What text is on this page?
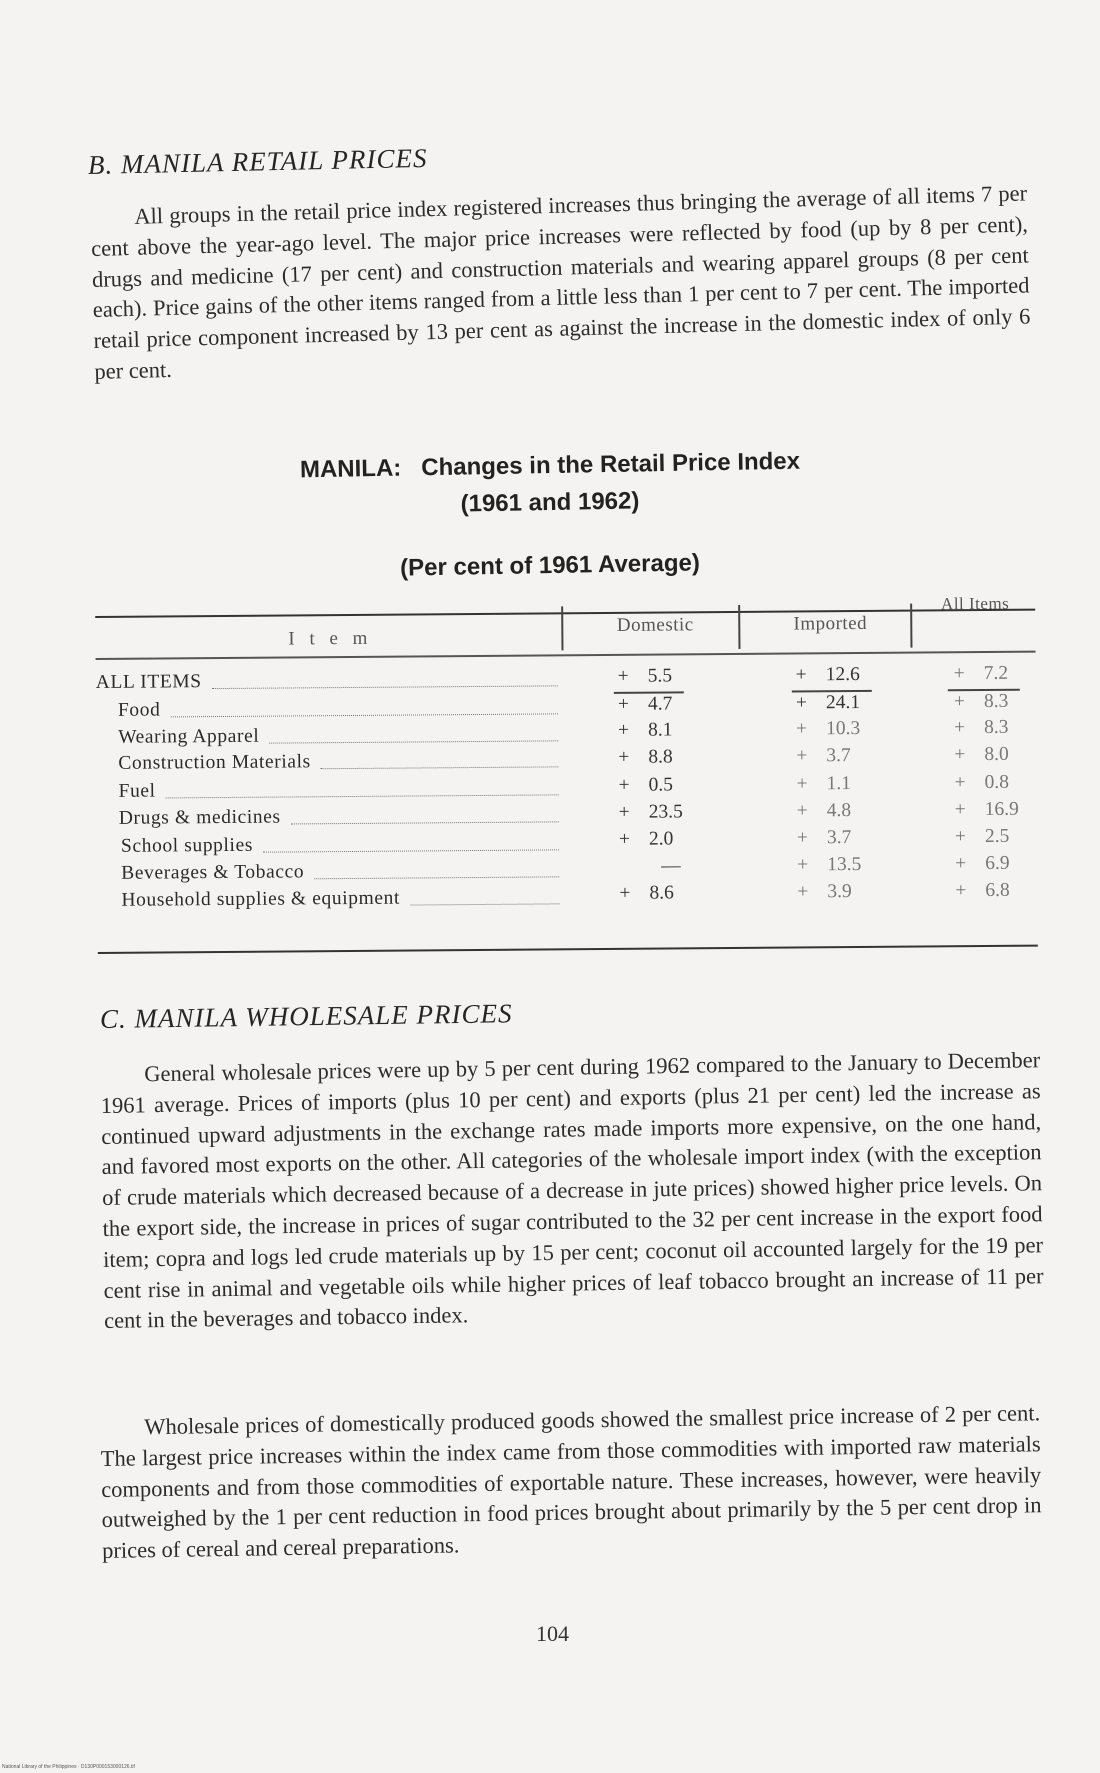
B. MANILA RETAIL PRICES

All groups in the retail price index registered increases thus bringing the average of all items 7 per cent above the year-ago level. The major price increases were reflected by food (up by 8 per cent), drugs and medicine (17 per cent) and construction materials and wearing apparel groups (8 per cent each). Price gains of the other items ranged from a little less than 1 per cent to 7 per cent. The imported retail price component increased by 13 per cent as against the increase in the domestic index of only 6 per cent.

MANILA: Changes in the Retail Price Index
(1961 and 1962)
(Per cent of 1961 Average)
I t e m
Domestic	Imported
All Items
ALL ITEMS	+ 5.5	+ 12.6	+ 7.2
Food	+ 4.7	+ 24.1	+ 8.3
Wearing Apparel	+ 8.1	+ 10.3	+ 8.3
Construction Materials	+ 8.8	+ 3.7	+ 8.0
Fuel	+ 0.5	+ 1.1	+ 0.8
Drugs & medicines	+ 23.5	+ 4.8	+ 16.9
School supplies	+ 2.0	+ 3.7	+ 2.5
Beverages & Tobacco	—	+ 13.5	+ 6.9
Household supplies & equipment	+ 8.6	+ 3.9	+ 6.8
C. MANILA WHOLESALE PRICES

General wholesale prices were up by 5 per cent during 1962 compared to the January to December 1961 average. Prices of imports (plus 10 per cent) and exports (plus 21 per cent) led the increase as continued upward adjustments in the exchange rates made imports more expensive, on the one hand, and favored most exports on the other. All categories of the wholesale import index (with the exception of crude materials which decreased because of a decrease in jute prices) showed higher price levels. On the export side, the increase in prices of sugar contributed to the 32 per cent increase in the export food item; copra and logs led crude materials up by 15 per cent; coconut oil accounted largely for the 19 per cent rise in animal and vegetable oils while higher prices of leaf tobacco brought an increase of 11 per cent in the beverages and tobacco index.

Wholesale prices of domestically produced goods showed the smallest price increase of 2 per cent. The largest price increases within the index came from those commodities with imported raw materials components and from those commodities of exportable nature. These increases, however, were heavily outweighed by the 1 per cent reduction in food prices brought about primarily by the 5 per cent drop in prices of cereal and cereal preparations.

104
National Library of the Philippines · D130P000153000126.tif
